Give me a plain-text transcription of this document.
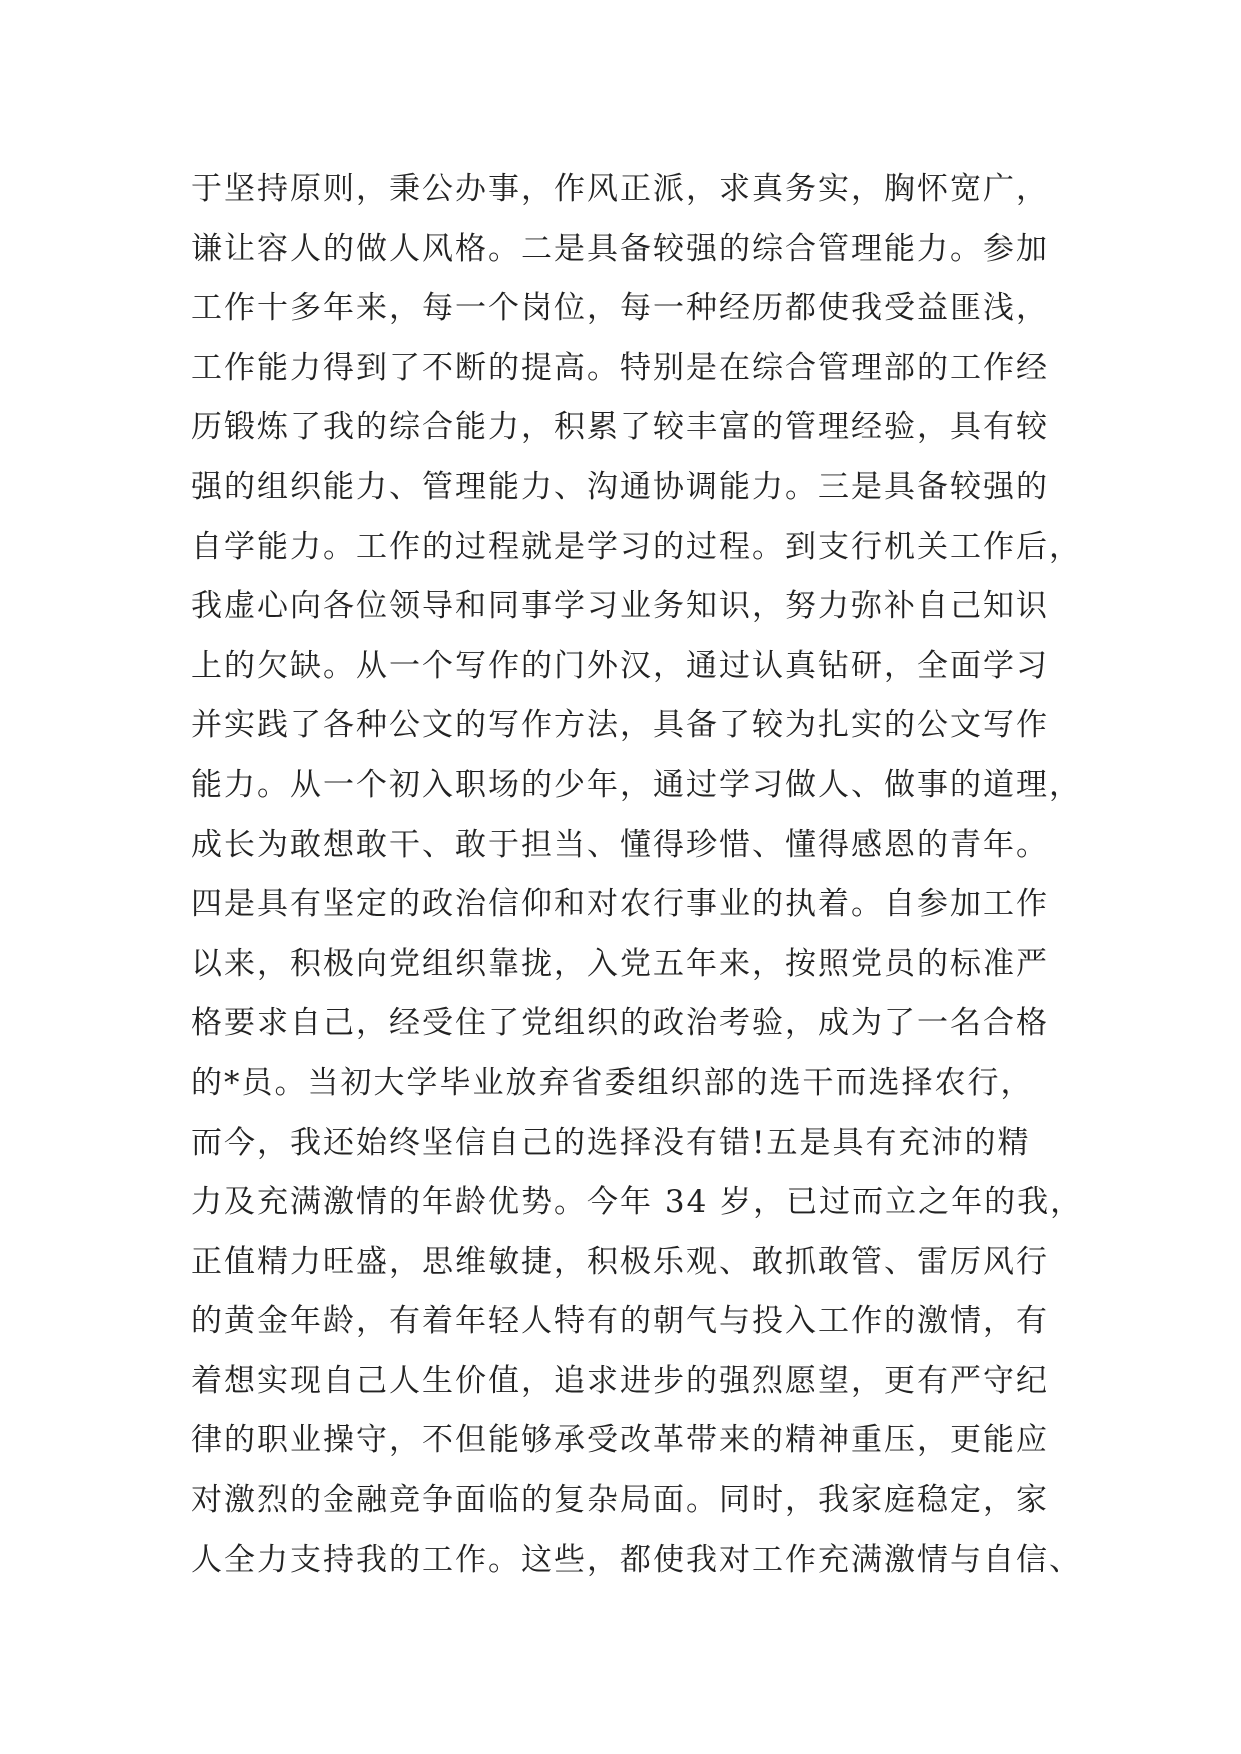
于坚持原则，秉公办事，作风正派，求真务实，胸怀宽广，
谦让容人的做人风格。二是具备较强的综合管理能力。参加
工作十多年来，每一个岗位，每一种经历都使我受益匪浅，
工作能力得到了不断的提高。特别是在综合管理部的工作经
历锻炼了我的综合能力，积累了较丰富的管理经验，具有较
强的组织能力、管理能力、沟通协调能力。三是具备较强的
自学能力。工作的过程就是学习的过程。到支行机关工作后，
我虚心向各位领导和同事学习业务知识，努力弥补自己知识
上的欠缺。从一个写作的门外汉，通过认真钻研，全面学习
并实践了各种公文的写作方法，具备了较为扎实的公文写作
能力。从一个初入职场的少年，通过学习做人、做事的道理，
成长为敢想敢干、敢于担当、懂得珍惜、懂得感恩的青年。
四是具有坚定的政治信仰和对农行事业的执着。自参加工作
以来，积极向党组织靠拢，入党五年来，按照党员的标准严
格要求自己，经受住了党组织的政治考验，成为了一名合格
的*员。当初大学毕业放弃省委组织部的选干而选择农行，
而今，我还始终坚信自己的选择没有错!五是具有充沛的精
力及充满激情的年龄优势。今年 34 岁，已过而立之年的我，
正值精力旺盛，思维敏捷，积极乐观、敢抓敢管、雷厉风行
的黄金年龄，有着年轻人特有的朝气与投入工作的激情，有
着想实现自己人生价值，追求进步的强烈愿望，更有严守纪
律的职业操守，不但能够承受改革带来的精神重压，更能应
对激烈的金融竞争面临的复杂局面。同时，我家庭稳定，家
人全力支持我的工作。这些，都使我对工作充满激情与自信、
